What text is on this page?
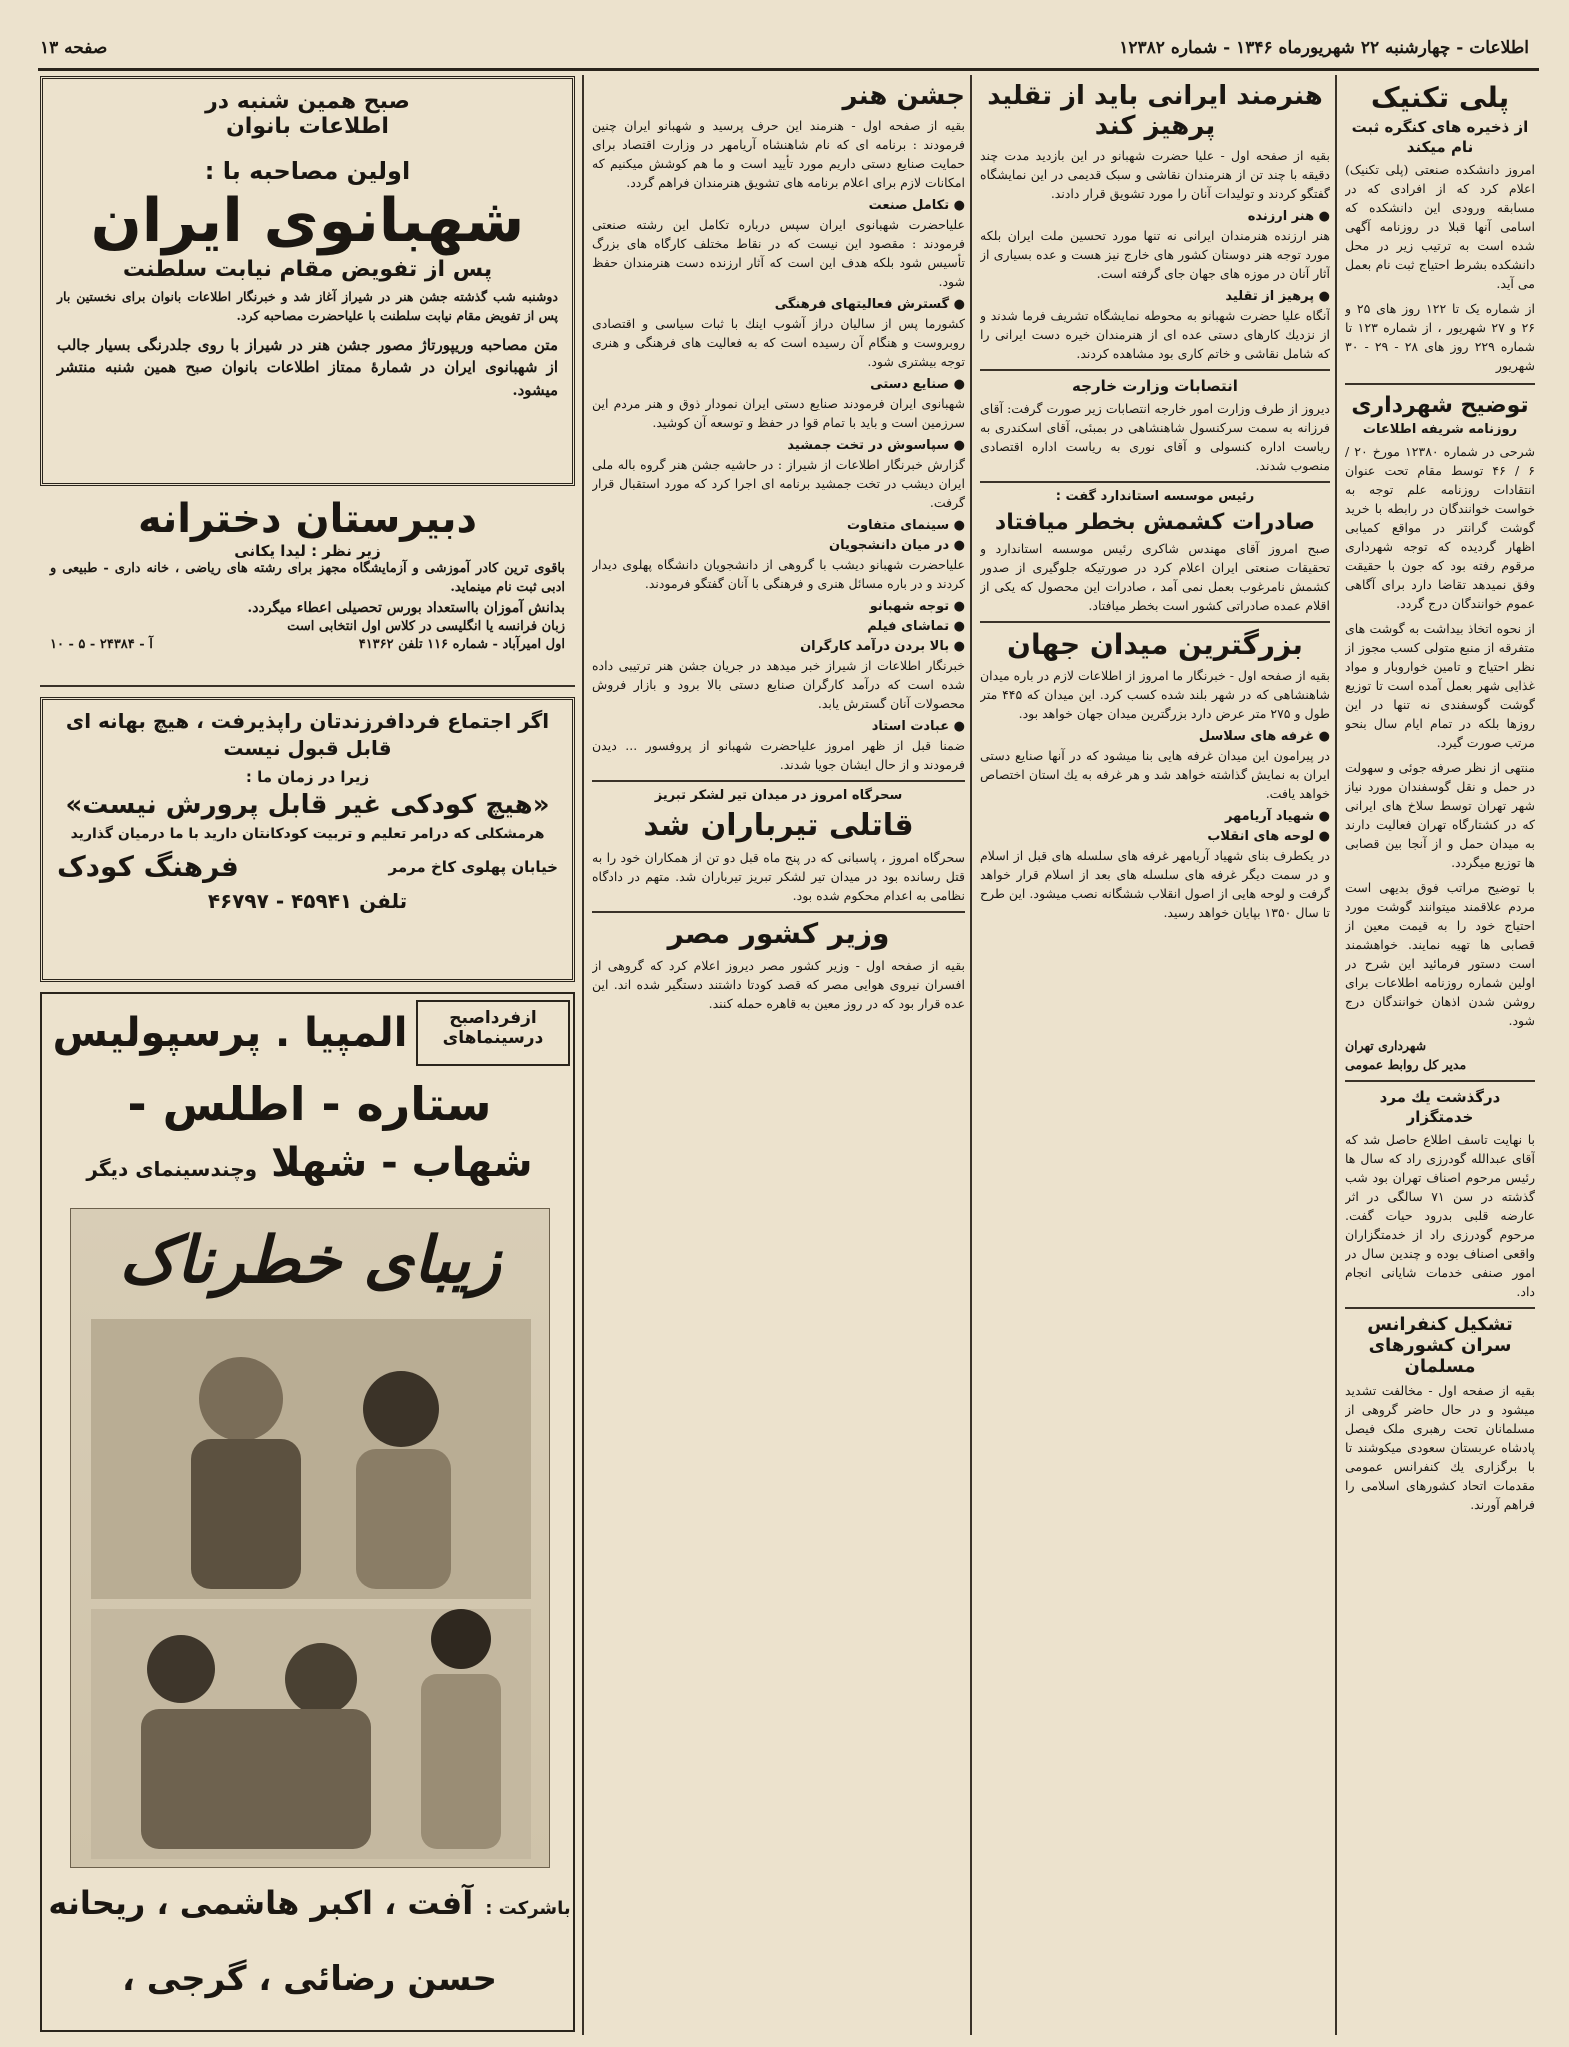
اطلاعات - چهارشنبه ۲۲ شهریورماه ۱۳۴۶ - شماره ۱۲۳۸۲
صفحه ۱۳
پلی تکنیک
از ذخیره های کنگره ثبت نام میکند

امروز دانشکده صنعتی (پلی تکنیک) اعلام کرد که از افرادی که در مسابقه ورودی این دانشکده که اسامی آنها قبلا در روزنامه آگهی شده است به ترتیب زیر در محل دانشکده بشرط احتیاج ثبت نام بعمل می آید.

از شماره یک تا ۱۲۲ روز های ۲۵ و ۲۶ و ۲۷ شهریور ، از شماره ۱۲۳ تا شماره ۲۲۹ روز های ۲۸ - ۲۹ - ۳۰ شهریور

توضیح شهرداری
روزنامه شریفه اطلاعات

شرحی در شماره ۱۲۳۸۰ مورخ ۲۰ / ۶ / ۴۶ توسط مقام تحت عنوان انتقادات روزنامه علم توجه به خواست خوانندگان در رابطه با خرید گوشت گرانتر در مواقع کمیابی اظهار گردیده که توجه شهرداری مرقوم رفته بود که جون با حقیقت وفق نمیدهد تقاضا دارد برای آگاهی عموم خوانندگان درج گردد.

از نحوه اتخاذ بیداشت به گوشت های متفرقه از منبع متولی کسب مجوز از نظر احتیاج و تامین خواروبار و مواد غذایی شهر بعمل آمده است تا توزیع گوشت گوسفندی نه تنها در این روزها بلکه در تمام ایام سال بنحو مرتب صورت گیرد.

منتهی از نظر صرفه جوئی و سهولت در حمل و نقل گوسفندان مورد نیاز شهر تهران توسط سلاخ های ایرانی که در کشتارگاه تهران فعالیت دارند به میدان حمل و از آنجا بین قصابی ها توزیع میگردد.

با توضیح مراتب فوق بدیهی است مردم علاقمند میتوانند گوشت مورد احتیاج خود را به قیمت معین از قصابی ها تهیه نمایند. خواهشمند است دستور فرمائید این شرح در اولین شماره روزنامه اطلاعات برای روشن شدن اذهان خوانندگان درج شود.

شهرداری تهران

مدیر کل روابط عمومی

درگذشت یك مرد خدمتگزار

با نهایت تاسف اطلاع حاصل شد که آقای عبدالله گودرزی راد که سال ها رئیس مرحوم اصناف تهران بود شب گذشته در سن ۷۱ سالگی در اثر عارضه قلبی بدرود حیات گفت. مرحوم گودرزی راد از خدمتگزاران واقعی اصناف بوده و چندین سال در امور صنفی خدمات شایانی انجام داد.

تشکیل کنفرانس سران کشورهای مسلمان

بقیه از صفحه اول - مخالفت تشدید میشود و در حال حاضر گروهی از مسلمانان تحت رهبری ملک فیصل پادشاه عربستان سعودی میکوشند تا با برگزاری یك کنفرانس عمومی مقدمات اتحاد کشورهای اسلامی را فراهم آورند.

هنرمند ایرانی باید از تقلید پرهیز کند

بقیه از صفحه اول - علیا حضرت شهبانو در این بازدید مدت چند دقیقه با چند تن از هنرمندان نقاشی و سبک قدیمی در این نمایشگاه گفتگو کردند و تولیدات آنان را مورد تشویق قرار دادند.

● هنر ارزنده

هنر ارزنده هنرمندان ایرانی نه تنها مورد تحسین ملت ایران بلکه مورد توجه هنر دوستان کشور های خارج نیز هست و عده بسیاری از آثار آنان در موزه های جهان جای گرفته است.

● پرهیز از تقلید

آنگاه علیا حضرت شهبانو به محوطه نمایشگاه تشریف فرما شدند و از نزدیك کارهای دستی عده ای از هنرمندان خیره دست ایرانی را که شامل نقاشی و خاتم کاری بود مشاهده کردند.

انتصابات وزارت خارجه

دیروز از طرف وزارت امور خارجه انتصابات زیر صورت گرفت: آقای فرزانه به سمت سرکنسول شاهنشاهی در بمبئی، آقای اسکندری به ریاست اداره کنسولی و آقای نوری به ریاست اداره اقتصادی منصوب شدند.

رئیس موسسه استاندارد گفت :
صادرات کشمش بخطر میافتاد

صبح امروز آقای مهندس شاکری رئیس موسسه استاندارد و تحقیقات صنعتی ایران اعلام کرد در صورتیکه جلوگیری از صدور کشمش نامرغوب بعمل نمی آمد ، صادرات این محصول که یکی از اقلام عمده صادراتی کشور است بخطر میافتاد.

بزرگترین میدان جهان

بقیه از صفحه اول - خبرنگار ما امروز از اطلاعات لازم در باره میدان شاهنشاهی که در شهر بلند شده کسب کرد. این میدان که ۴۴۵ متر طول و ۲۷۵ متر عرض دارد بزرگترین میدان جهان خواهد بود.

● غرفه های سلاسل

در پیرامون این میدان غرفه هایی بنا میشود که در آنها صنایع دستی ایران به نمایش گذاشته خواهد شد و هر غرفه به یك استان اختصاص خواهد یافت.

● شهیاد آریامهر
● لوحه های انقلاب

در یکطرف بنای شهیاد آریامهر غرفه های سلسله های قبل از اسلام و در سمت دیگر غرفه های سلسله های بعد از اسلام قرار خواهد گرفت و لوحه هایی از اصول انقلاب ششگانه نصب میشود. این طرح تا سال ۱۳۵۰ بپایان خواهد رسید.

جشن هنر

بقیه از صفحه اول - هنرمند این حرف پرسید و شهبانو ایران چنین فرمودند : برنامه ای که نام شاهنشاه آریامهر در وزارت اقتصاد برای حمایت صنایع دستی داریم مورد تأیید است و ما هم کوشش میکنیم که امکانات لازم برای اعلام برنامه های تشویق هنرمندان فراهم گردد.

● تکامل صنعت

علیاحضرت شهبانوی ایران سپس درباره تکامل این رشته صنعتی فرمودند : مقصود این نیست که در نقاط مختلف کارگاه های بزرگ تأسیس شود بلکه هدف این است که آثار ارزنده دست هنرمندان حفظ شود.

● گسترش فعالیتهای فرهنگی

کشورما پس از سالیان دراز آشوب اینك با ثبات سیاسی و اقتصادی روبروست و هنگام آن رسیده است که به فعالیت های فرهنگی و هنری توجه بیشتری شود.

● صنایع دستی

شهبانوی ایران فرمودند صنایع دستی ایران نمودار ذوق و هنر مردم این سرزمین است و باید با تمام قوا در حفظ و توسعه آن کوشید.

● سپاسوش در تخت جمشید

گزارش خبرنگار اطلاعات از شیراز : در حاشیه جشن هنر گروه باله ملی ایران دیشب در تخت جمشید برنامه ای اجرا کرد که مورد استقبال قرار گرفت.

● سینمای متفاوت
● در میان دانشجویان

علیاحضرت شهبانو دیشب با گروهی از دانشجویان دانشگاه پهلوی دیدار کردند و در باره مسائل هنری و فرهنگی با آنان گفتگو فرمودند.

● توجه شهبانو
● تماشای فیلم
● بالا بردن درآمد کارگران

خبرنگار اطلاعات از شیراز خبر میدهد در جریان جشن هنر ترتیبی داده شده است که درآمد کارگران صنایع دستی بالا برود و بازار فروش محصولات آنان گسترش یابد.

● عبادت استاد

ضمنا قبل از ظهر امروز علیاحضرت شهبانو از پروفسور ... دیدن فرمودند و از حال ایشان جویا شدند.

سحرگاه امروز در میدان تیر لشکر تبریز
قاتلی تیرباران شد

سحرگاه امروز ، پاسبانی که در پنج ماه قبل دو تن از همکاران خود را به قتل رسانده بود در میدان تیر لشکر تبریز تیرباران شد. متهم در دادگاه نظامی به اعدام محکوم شده بود.

وزیر کشور مصر

بقیه از صفحه اول - وزیر کشور مصر دیروز اعلام کرد که گروهی از افسران نیروی هوایی مصر که قصد کودتا داشتند دستگیر شده اند. این عده قرار بود که در روز معین به قاهره حمله کنند.

صبح همین شنبه در
اطلاعات بانوان
اولین مصاحبه با :
شهبانوی ایران
پس از تفویض مقام نیابت سلطنت
دوشنبه شب گذشته جشن هنر در شیراز آغاز شد و خبرنگار اطلاعات بانوان برای نخستین بار پس از تفویض مقام نیابت سلطنت با علیاحضرت مصاحبه کرد.
متن مصاحبه وریپورتاژ مصور جشن هنر در شیراز با روی جلدرنگی بسیار جالب از شهبانوی ایران در شمارۀ ممتاز اطلاعات بانوان صبح همین شنبه منتشر میشود.
دبیرستان دخترانه
زیر نظر : لیدا یکانی
باقوی ترین کادر آموزشی و آزمایشگاه مجهز برای رشته های ریاضی ، خانه داری - طبیعی و ادبی ثبت نام مینماید.
بدانش آموزان بااستعداد بورس تحصیلی اعطاء میگردد.
زبان فرانسه یا انگلیسی در کلاس اول انتخابی است
اول امیرآباد - شماره ۱۱۶ تلفن ۴۱۳۶۲
آ - ۲۴۳۸۴ - ۵ - ۱۰
اگر اجتماع فردافرزندتان راپذیرفت ، هیچ بهانه ای قابل قبول نیست
زیرا در زمان ما :
«هیچ کودکی غیر قابل پرورش نیست»
هرمشکلی که درامر تعلیم و تربیت کودکانتان دارید با ما درمیان گذارید
خیابان پهلوی کاخ مرمر
فرهنگ کودک
تلفن ۴۵۹۴۱ - ۴۶۷۹۷
ازفرداصبح
درسینماهای
المپیا . پرسپولیس
ستاره - اطلس -
شهاب - شهلا
وچندسینمای دیگر
زیبای خطرناک
باشرکت :
آفت ، اکبر هاشمی ، ریحانه
حسن رضائی ، گرجی ،
